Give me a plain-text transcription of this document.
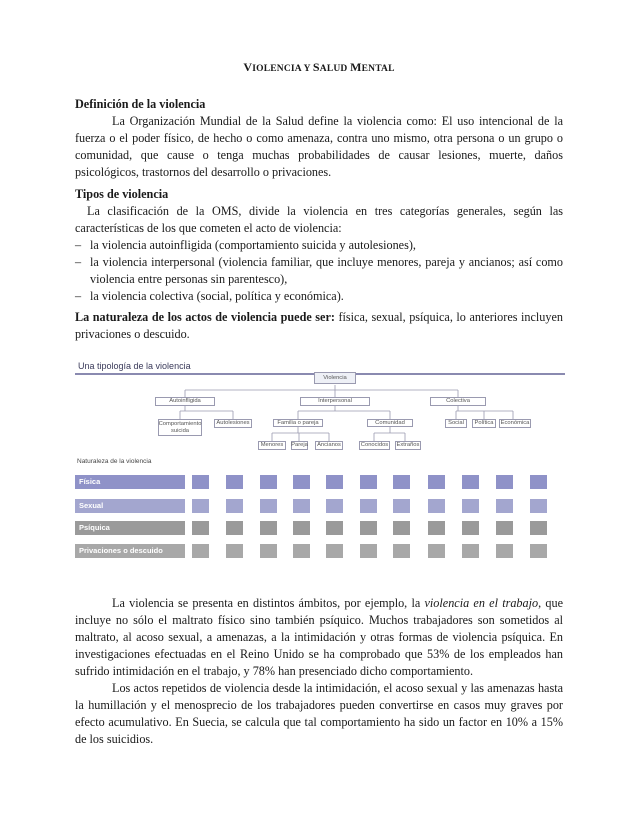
VIOLENCIA Y SALUD MENTAL
Definición de la violencia
La Organización Mundial de la Salud define la violencia como: El uso intencional de la fuerza o el poder físico, de hecho o como amenaza, contra uno mismo, otra persona o un grupo o comunidad, que cause o tenga muchas probabilidades de causar lesiones, muerte, daños psicológicos, trastornos del desarrollo o privaciones.
Tipos de violencia
La clasificación de la OMS, divide la violencia en tres categorías generales, según las características de los que cometen el acto de violencia:
– la violencia autoinfligida (comportamiento suicida y autolesiones),
– la violencia interpersonal (violencia familiar, que incluye menores, pareja y ancianos; así como violencia entre personas sin parentesco),
– la violencia colectiva (social, política y económica).
La naturaleza de los actos de violencia puede ser: física, sexual, psíquica, lo anteriores incluyen privaciones o descuido.
Una tipología de la violencia
Violencia
Autoinfligida	Interpersonal	Colectiva
Comportamiento suicida
Autolesiones	Familia o pareja	Comunidad	Social	Política	Económica
Menores	Pareja	Ancianos	Conocidos	Extraños
Naturaleza de la violencia
Física
Sexual
Psíquica
Privaciones o descuido
La violencia se presenta en distintos ámbitos, por ejemplo, la violencia en el trabajo, que incluye no sólo el maltrato físico sino también psíquico. Muchos trabajadores son sometidos al maltrato, al acoso sexual, a amenazas, a la intimidación y otras formas de violencia psíquica. En investigaciones efectuadas en el Reino Unido se ha comprobado que 53% de los empleados han sufrido intimidación en el trabajo, y 78% han presenciado dicho comportamiento.
Los actos repetidos de violencia desde la intimidación, el acoso sexual y las amenazas hasta la humillación y el menosprecio de los trabajadores pueden convertirse en casos muy graves por efecto acumulativo. En Suecia, se calcula que tal comportamiento ha sido un factor en 10% a 15% de los suicidios.
